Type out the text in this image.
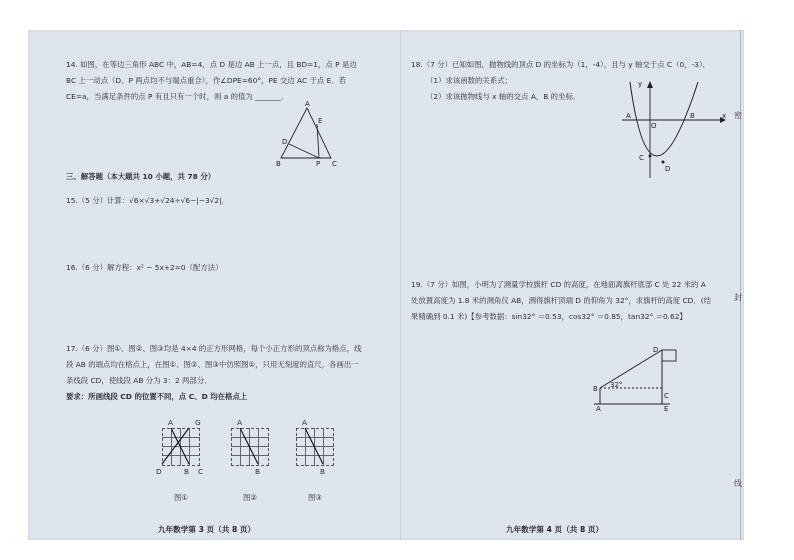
14. 如图，在等边三角形 ABC 中，AB=4，点 D 是边 AB 上一点，且 BD=1，点 P 是边
BC 上一动点（D、P 两点均不与端点重合），作∠DPE=60°，PE 交边 AC 于点 E．若
CE=a，当满足条件的点 P 有且只有一个时，则 a 的值为 _______．
A
D
E
B	P C
三、解答题（本大题共 10 小题，共 78 分）
15.（5 分）计算：√6×√3+√24÷√6−|−3√2|．
16.（6 分）解方程：x² − 5x+2=0（配方法）
17.（6 分）图①、图②、图③均是 4×4 的正方形网格，每个小正方形的顶点称为格点，线
段 AB 的端点均在格点上，在图①、图②、图③中仿照图①，只用无刻度的直尺，各画出一
条线段 CD，使线段 AB 分为 3：2 两部分．
要求：所画线段 CD 的位置不同，点 C、D 均在格点上
A	G
D	B C
图①
A
B
图②
A
B
图③
九年数学第 3 页（共 8 页）
18.（7 分）已知如图，抛物线的顶点 D 的坐标为（1，-4），且与 y 轴交于点 C（0，-3）．
（1）求该函数的关系式；
（2）求该抛物线与 x 轴的交点 A，B 的坐标．
y
x
A
O
B
C
D
19.（7 分）如图，小明为了测量学校旗杆 CD 的高度，在地面离旗杆底部 C 处 22 米的 A
处放置高度为 1.8 米的测角仪 AB，测得旗杆顶端 D 的仰角为 32°，求旗杆的高度 CD．(结
果精确到 0.1 米)【参考数据：sin32° ＝0.53，cos32° ＝0.85，tan32° ＝0.62】
D
B 32°
C
A	E
九年数学第 4 页（共 8 页）
密
封
线
